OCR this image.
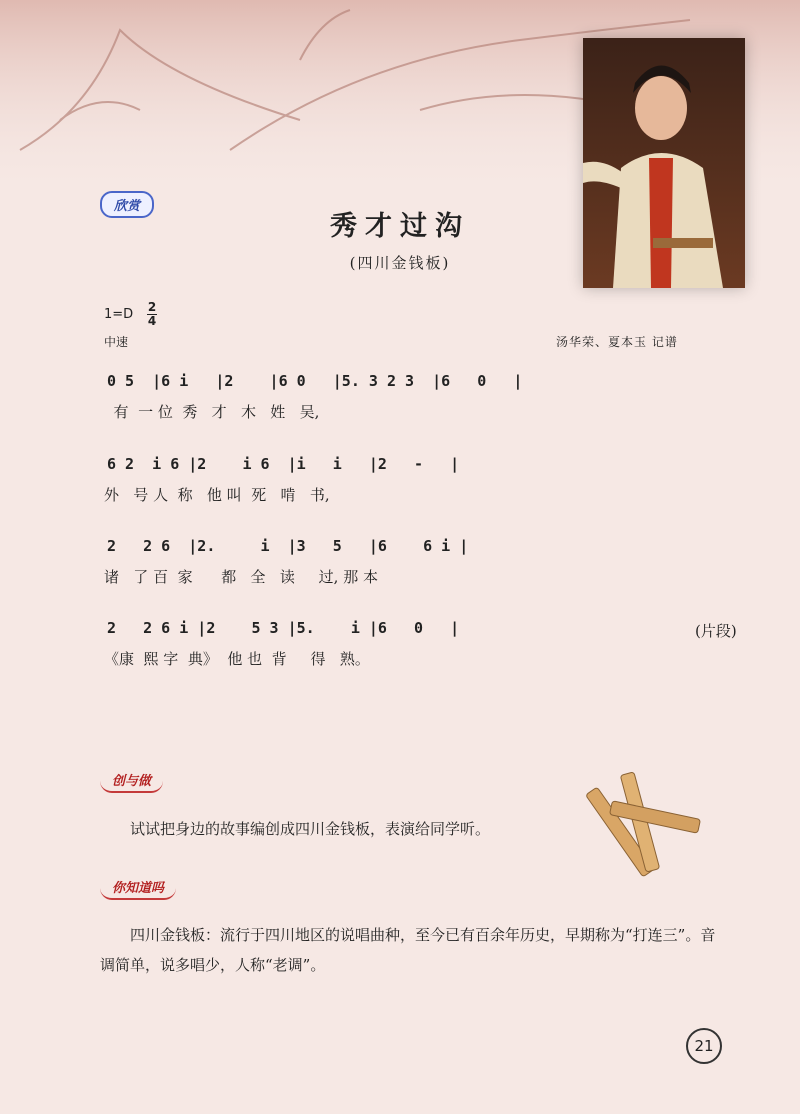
欣赏
秀才过沟
(四川金钱板)
1=D 2
4
中速	汤华荣、夏本玉 记谱
0 5  |6 i   |2    |6 0   |5. 3 2 3  |6   0   |
有  一 位  秀   才   木   姓   吴,
6 2  i 6 |2    i 6  |i   i   |2   -   |
外   号 人  称   他 叫  死   啃   书,
2   2 6  |2.     i  |3   5   |6    6 i |
诸   了 百  家      都   全   读     过, 那 本
2   2 6 i |2    5 3 |5.    i |6   0   |
《康  熙 字  典》  他 也  背     得   熟。
(片段)
创与做
试试把身边的故事编创成四川金钱板，表演给同学听。
你知道吗
四川金钱板：流行于四川地区的说唱曲种，至今已有百余年历史，早期称为“打连三”。音调简单，说多唱少，人称“老调”。
21
